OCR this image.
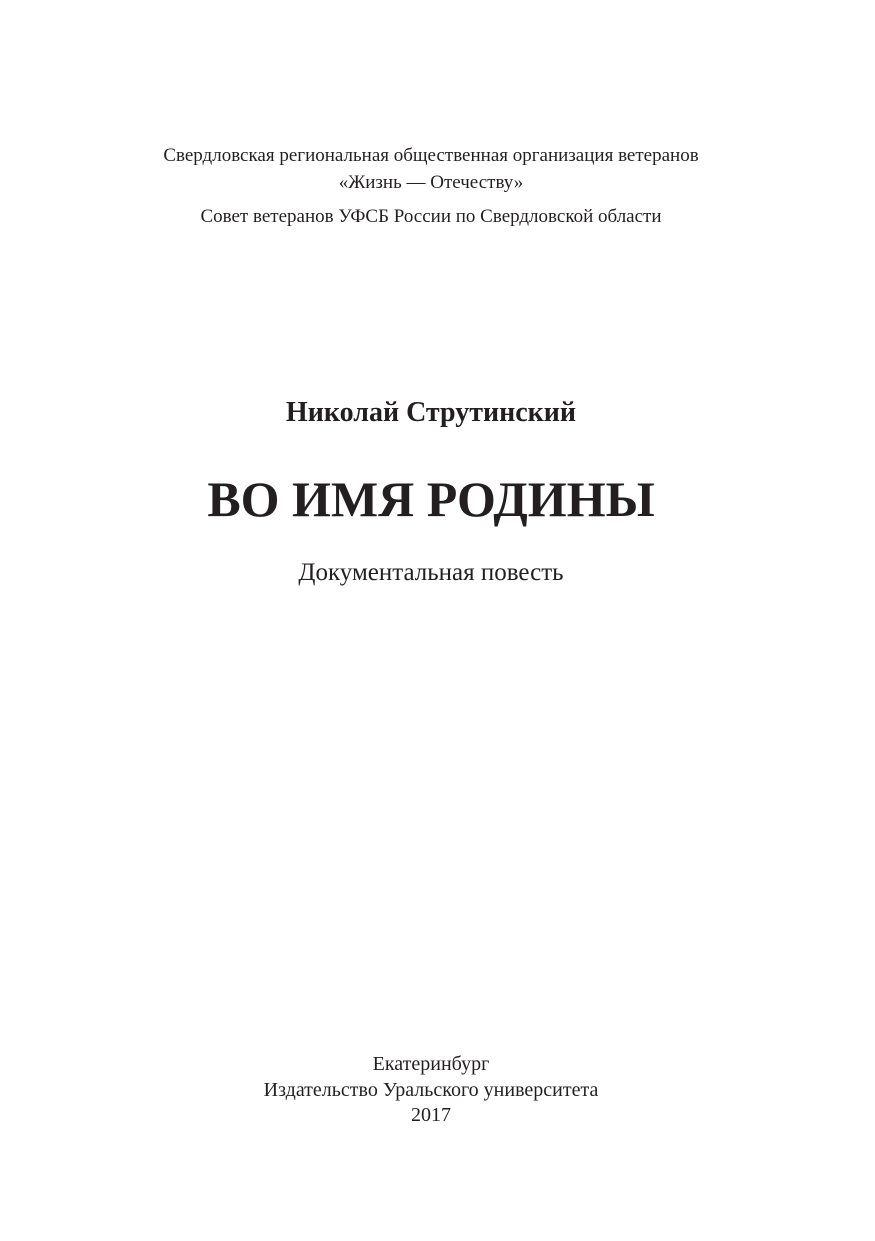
Свердловская региональная общественная организация ветеранов

«Жизнь — Отечеству»

Совет ветеранов УФСБ России по Свердловской области

Николай Струтинский

ВО ИМЯ РОДИНЫ

Документальная повесть

Екатеринбург

Издательство Уральского университета

2017
